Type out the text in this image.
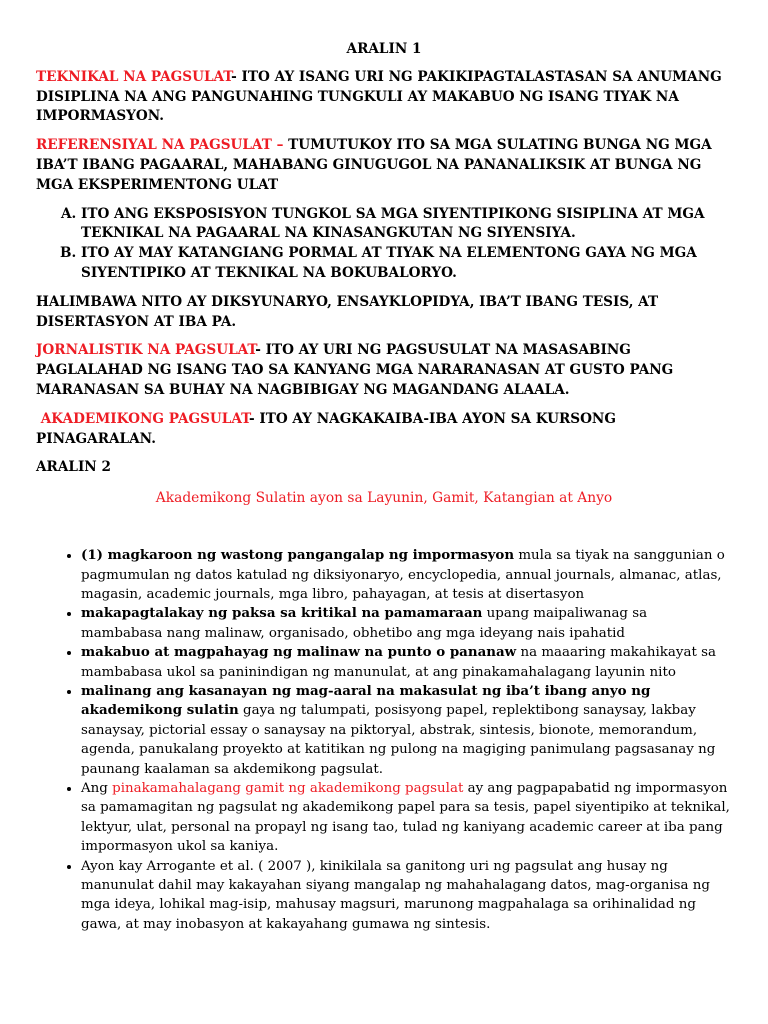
ARALIN 1

TEKNIKAL NA PAGSULAT- ITO AY ISANG URI NG PAKIKIPAGTALASTASAN SA ANUMANG DISIPLINA NA ANG PANGUNAHING TUNGKULI AY MAKABUO NG ISANG TIYAK NA IMPORMASYON.

REFERENSIYAL NA PAGSULAT – TUMUTUKOY ITO SA MGA SULATING BUNGA NG MGA IBA’T IBANG PAGAARAL, MAHABANG GINUGUGOL NA PANANALIKSIK AT BUNGA NG MGA EKSPERIMENTONG ULAT

A. ITO ANG EKSPOSISYON TUNGKOL SA MGA SIYENTIPIKONG SISIPLINA AT MGA TEKNIKAL NA PAGAARAL NA KINASANGKUTAN NG SIYENSIYA.
B. ITO AY MAY KATANGIANG PORMAL AT TIYAK NA ELEMENTONG GAYA NG MGA SIYENTIPIKO AT TEKNIKAL NA BOKUBALORYO.

HALIMBAWA NITO AY DIKSYUNARYO, ENSAYKLOPIDYA, IBA’T IBANG TESIS, AT DISERTASYON AT IBA PA.

JORNALISTIK NA PAGSULAT- ITO AY URI NG PAGSUSULAT NA MASASABING PAGLALAHAD NG ISANG TAO SA KANYANG MGA NARARANASAN AT GUSTO PANG MARANASAN SA BUHAY NA NAGBIBIGAY NG MAGANDANG ALAALA.

AKADEMIKONG PAGSULAT- ITO AY NAGKAKAIBA-IBA AYON SA KURSONG PINAGARALAN.

ARALIN 2

Akademikong Sulatin ayon sa Layunin, Gamit, Katangian at Anyo

• (1) magkaroon ng wastong pangangalap ng impormasyon mula sa tiyak na sanggunian o pagmumulan ng datos katulad ng diksiyonaryo, encyclopedia, annual journals, almanac, atlas, magasin, academic journals, mga libro, pahayagan, at tesis at disertasyon
• makapagtalakay ng paksa sa kritikal na pamamaraan upang maipaliwanag sa mambabasa nang malinaw, organisado, obhetibo ang mga ideyang nais ipahatid
• makabuo at magpahayag ng malinaw na punto o pananaw na maaaring makahikayat sa mambabasa ukol sa paninindigan ng manunulat, at ang pinakamahalagang layunin nito
• malinang ang kasanayan ng mag-aaral na makasulat ng iba’t ibang anyo ng akademikong sulatin gaya ng talumpati, posisyong papel, replektibong sanaysay, lakbay sanaysay, pictorial essay o sanaysay na piktoryal, abstrak, sintesis, bionote, memorandum, agenda, panukalang proyekto at katitikan ng pulong na magiging panimulang pagsasanay ng paunang kaalaman sa akdemikong pagsulat.
• Ang pinakamahalagang gamit ng akademikong pagsulat ay ang pagpapabatid ng impormasyon sa pamamagitan ng pagsulat ng akademikong papel para sa tesis, papel siyentipiko at teknikal, lektyur, ulat, personal na propayl ng isang tao, tulad ng kaniyang academic career at iba pang impormasyon ukol sa kaniya.
• Ayon kay Arrogante et al. ( 2007 ), kinikilala sa ganitong uri ng pagsulat ang husay ng manunulat dahil may kakayahan siyang mangalap ng mahahalagang datos, mag-organisa ng mga ideya, lohikal mag-isip, mahusay magsuri, marunong magpahalaga sa orihinalidad ng gawa, at may inobasyon at kakayahang gumawa ng sintesis.
